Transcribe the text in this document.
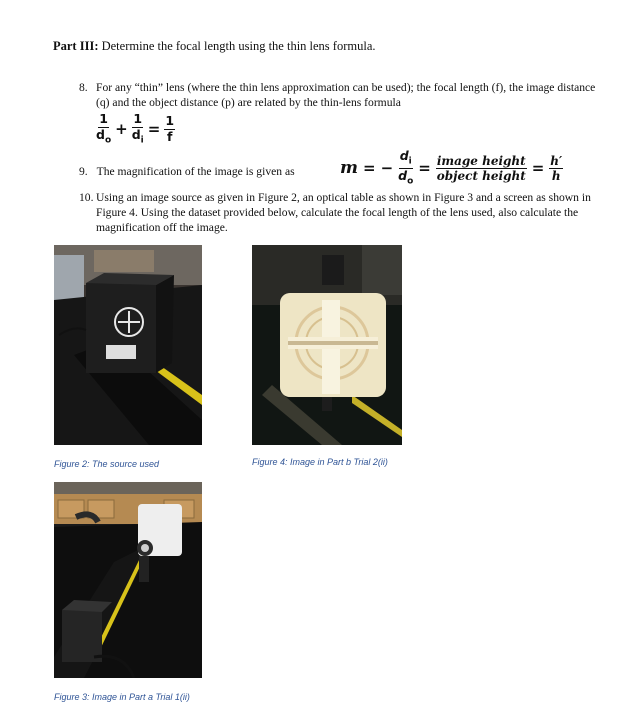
Part III: Determine the focal length using the thin lens formula.
8. For any “thin” lens (where the thin lens approximation can be used); the focal length (f), the image distance (q) and the object distance (p) are related by the thin-lens formula
$\frac{1}{d_o} + \frac{1}{d_i} = \frac{1}{f}$
9. The magnification of the image is given as	m = − $\frac{d_i}{d_o} = \frac{\text{image height}}{\text{object height}} = \frac{h'}{h}$
10. Using an image source as given in Figure 2, an optical table as shown in Figure 3 and a screen as shown in Figure 4. Using the dataset provided below, calculate the focal length of the lens used, also calculate the magnification off the image.
Figure 2: The source used	Figure 4: Image in Part b Trial 2(ii)
Figure 3: Image in Part a Trial 1(ii)
